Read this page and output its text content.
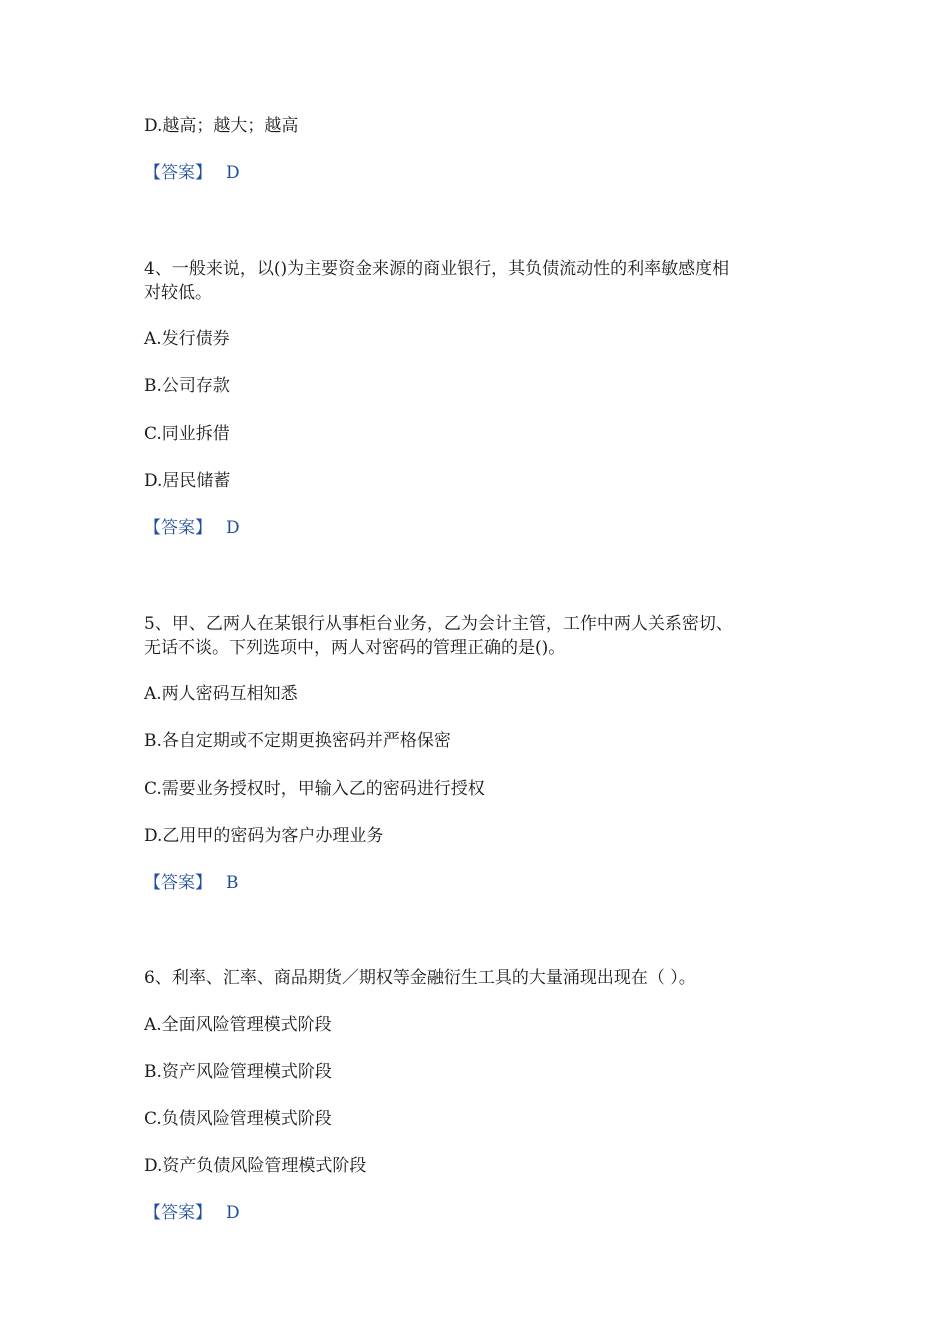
D.越高；越大；越高
【答案】 D
4、一般来说，以()为主要资金来源的商业银行，其负债流动性的利率敏感度相
对较低。
A.发行债券
B.公司存款
C.同业拆借
D.居民储蓄
【答案】 D
5、甲、乙两人在某银行从事柜台业务，乙为会计主管，工作中两人关系密切、
无话不谈。下列选项中，两人对密码的管理正确的是()。
A.两人密码互相知悉
B.各自定期或不定期更换密码并严格保密
C.需要业务授权时，甲输入乙的密码进行授权
D.乙用甲的密码为客户办理业务
【答案】 B
6、利率、汇率、商品期货／期权等金融衍生工具的大量涌现出现在（ ）。
A.全面风险管理模式阶段
B.资产风险管理模式阶段
C.负债风险管理模式阶段
D.资产负债风险管理模式阶段
【答案】 D
